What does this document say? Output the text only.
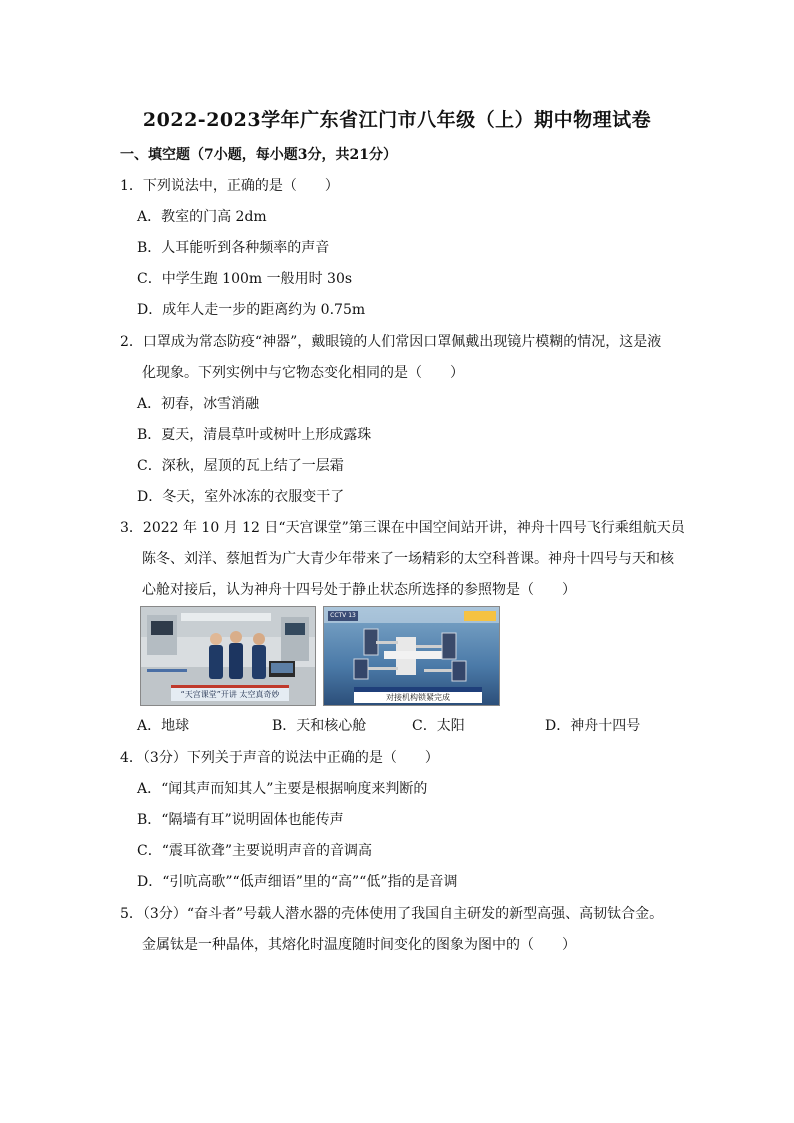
2022-2023学年广东省江门市八年级（上）期中物理试卷
一、填空题（7小题，每小题3分，共21分）
1．下列说法中，正确的是（　　）
A．教室的门高 2dm
B．人耳能听到各种频率的声音
C．中学生跑 100m 一般用时 30s
D．成年人走一步的距离约为 0.75m
2．口罩成为常态防疫“神器”，戴眼镜的人们常因口罩佩戴出现镜片模糊的情况，这是液
化现象。下列实例中与它物态变化相同的是（　　）
A．初春，冰雪消融
B．夏天，清晨草叶或树叶上形成露珠
C．深秋，屋顶的瓦上结了一层霜
D．冬天，室外冰冻的衣服变干了
3．2022 年 10 月 12 日“天宫课堂”第三课在中国空间站开讲，神舟十四号飞行乘组航天员
陈冬、刘洋、蔡旭哲为广大青少年带来了一场精彩的太空科普课。神舟十四号与天和核
心舱对接后，认为神舟十四号处于静止状态所选择的参照物是（　　）
“天宫课堂”开讲 太空真奇妙
CCTV 13
对接机构锁紧完成
A．地球	B．天和核心舱	C．太阳	D．神舟十四号
4．（3分）下列关于声音的说法中正确的是（　　）
A．“闻其声而知其人”主要是根据响度来判断的
B．“隔墙有耳”说明固体也能传声
C．“震耳欲聋”主要说明声音的音调高
D．“引吭高歌”“低声细语”里的“高”“低”指的是音调
5．（3分）“奋斗者”号载人潜水器的壳体使用了我国自主研发的新型高强、高韧钛合金。
金属钛是一种晶体，其熔化时温度随时间变化的图象为图中的（　　）
